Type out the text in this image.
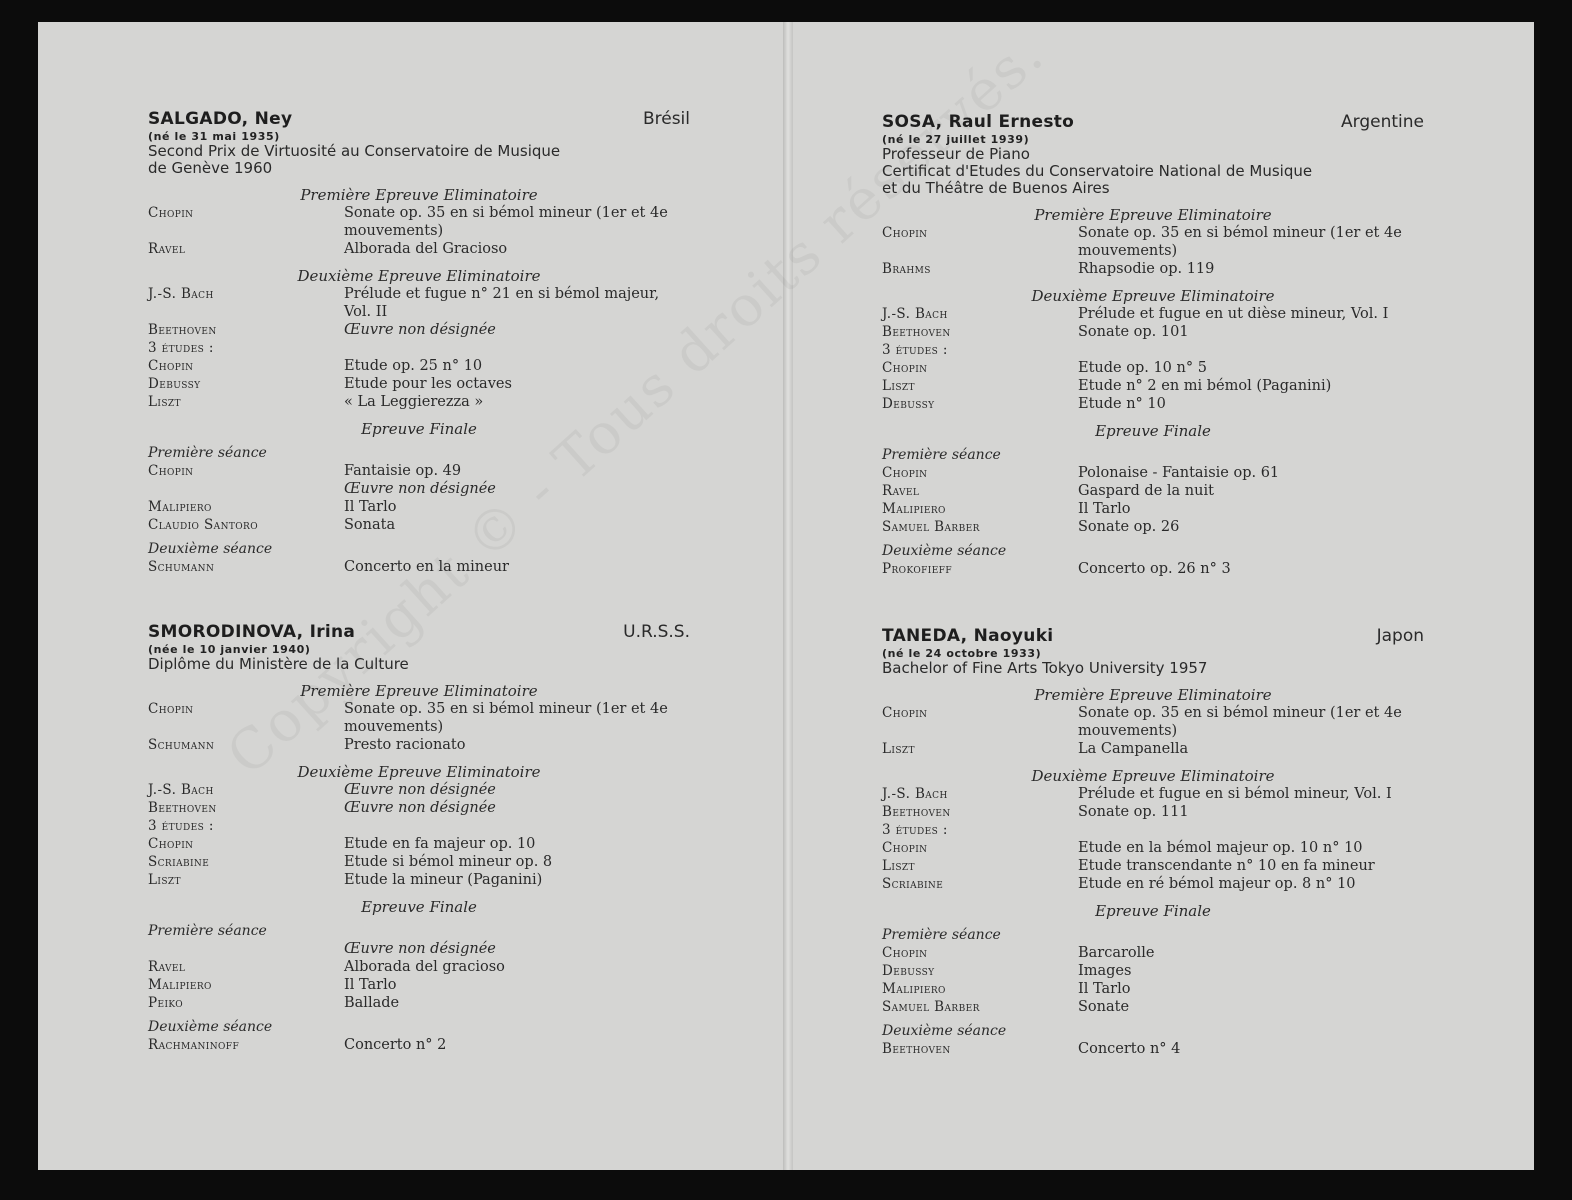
SALGADO, Ney	Brésil
(né le 31 mai 1935)
Second Prix de Virtuosité au Conservatoire de Musique
de Genève 1960
Première Epreuve Eliminatoire
Chopin	Sonate op. 35 en si bémol mineur (1er et 4e mouvements)
Ravel	Alborada del Gracioso
Deuxième Epreuve Eliminatoire
J.-S. Bach	Prélude et fugue n° 21 en si bémol majeur, Vol. II
Beethoven	Œuvre non désignée
3 études :
Chopin	Etude op. 25 n° 10
Debussy	Etude pour les octaves
Liszt	« La Leggierezza »
Epreuve Finale
Première séance
Chopin	Fantaisie op. 49
Œuvre non désignée
Malipiero	Il Tarlo
Claudio Santoro	Sonata
Deuxième séance
Schumann	Concerto en la mineur
SMORODINOVA, Irina	U.R.S.S.
(née le 10 janvier 1940)
Diplôme du Ministère de la Culture
Première Epreuve Eliminatoire
Chopin	Sonate op. 35 en si bémol mineur (1er et 4e mouvements)
Schumann	Presto racionato
Deuxième Epreuve Eliminatoire
J.-S. Bach	Œuvre non désignée
Beethoven	Œuvre non désignée
3 études :
Chopin	Etude en fa majeur op. 10
Scriabine	Etude si bémol mineur op. 8
Liszt	Etude la mineur (Paganini)
Epreuve Finale
Première séance
Œuvre non désignée
Ravel	Alborada del gracioso
Malipiero	Il Tarlo
Peiko	Ballade
Deuxième séance
Rachmaninoff	Concerto n° 2
SOSA, Raul Ernesto	Argentine
(né le 27 juillet 1939)
Professeur de Piano
Certificat d'Etudes du Conservatoire National de Musique
et du Théâtre de Buenos Aires
Première Epreuve Eliminatoire
Chopin	Sonate op. 35 en si bémol mineur (1er et 4e mouvements)
Brahms	Rhapsodie op. 119
Deuxième Epreuve Eliminatoire
J.-S. Bach	Prélude et fugue en ut dièse mineur, Vol. I
Beethoven	Sonate op. 101
3 études :
Chopin	Etude op. 10 n° 5
Liszt	Etude n° 2 en mi bémol (Paganini)
Debussy	Etude n° 10
Epreuve Finale
Première séance
Chopin	Polonaise - Fantaisie op. 61
Ravel	Gaspard de la nuit
Malipiero	Il Tarlo
Samuel Barber	Sonate op. 26
Deuxième séance
Prokofieff	Concerto op. 26 n° 3
TANEDA, Naoyuki	Japon
(né le 24 octobre 1933)
Bachelor of Fine Arts Tokyo University 1957
Première Epreuve Eliminatoire
Chopin	Sonate op. 35 en si bémol mineur (1er et 4e mouvements)
Liszt	La Campanella
Deuxième Epreuve Eliminatoire
J.-S. Bach	Prélude et fugue en si bémol mineur, Vol. I
Beethoven	Sonate op. 111
3 études :
Chopin	Etude en la bémol majeur op. 10 n° 10
Liszt	Etude transcendante n° 10 en fa mineur
Scriabine	Etude en ré bémol majeur op. 8 n° 10
Epreuve Finale
Première séance
Chopin	Barcarolle
Debussy	Images
Malipiero	Il Tarlo
Samuel Barber	Sonate
Deuxième séance
Beethoven	Concerto n° 4
